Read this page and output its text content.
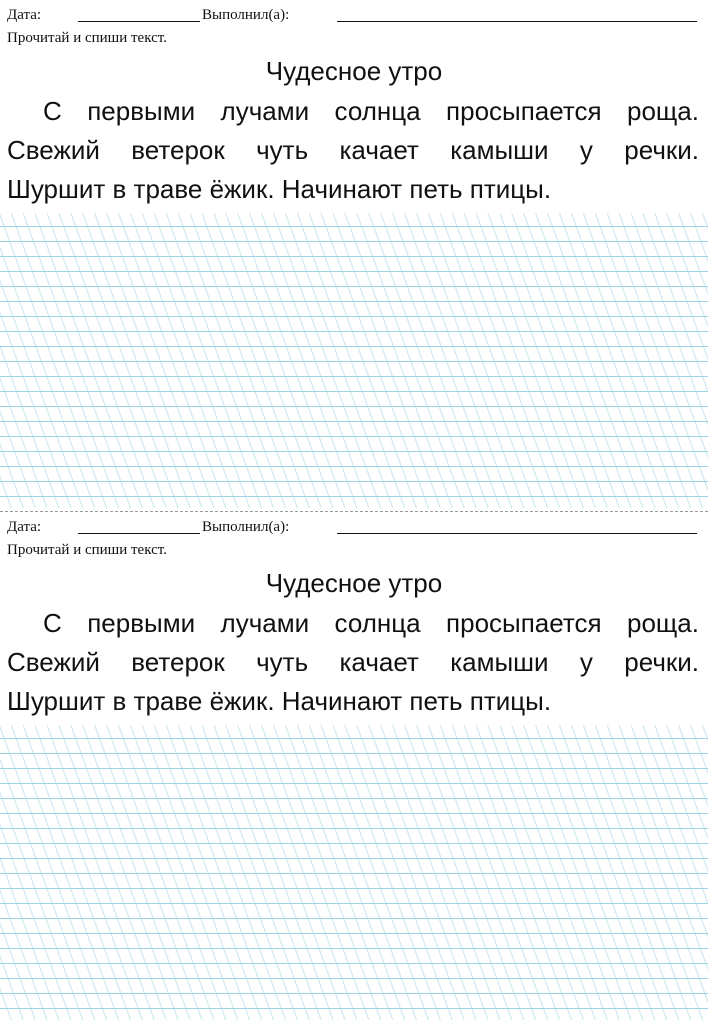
Дата:	Выполнил(а):
Прочитай и спиши текст.
Чудесное утро
С первыми лучами солнца просыпается роща.
Свежий ветерок чуть качает камыши у речки.
Шуршит в траве ёжик. Начинают петь птицы.
Дата:	Выполнил(а):
Прочитай и спиши текст.
Чудесное утро
С первыми лучами солнца просыпается роща.
Свежий ветерок чуть качает камыши у речки.
Шуршит в траве ёжик. Начинают петь птицы.
